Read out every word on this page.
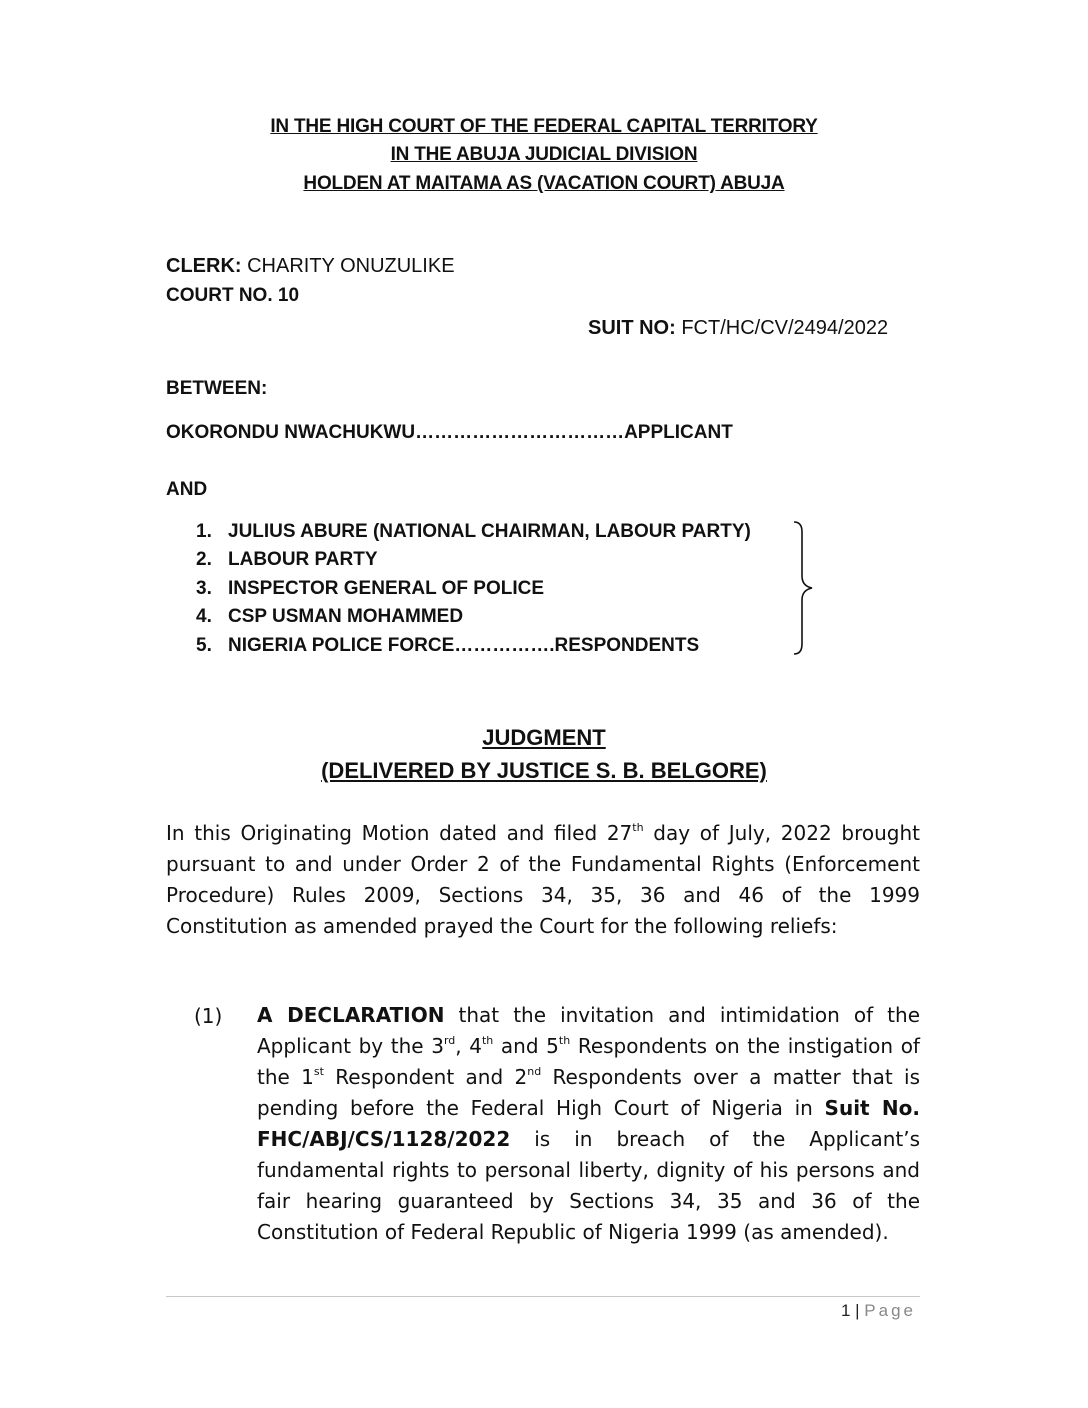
IN THE HIGH COURT OF THE FEDERAL CAPITAL TERRITORY
IN THE ABUJA JUDICIAL DIVISION
HOLDEN AT MAITAMA AS (VACATION COURT) ABUJA
CLERK: CHARITY ONUZULIKE
COURT NO. 10
SUIT NO: FCT/HC/CV/2494/2022
BETWEEN:
OKORONDU NWACHUKWU……………………………APPLICANT
AND
1. JULIUS ABURE (NATIONAL CHAIRMAN, LABOUR PARTY)
2. LABOUR PARTY
3. INSPECTOR GENERAL OF POLICE
4. CSP USMAN MOHAMMED
5. NIGERIA POLICE FORCE…………….RESPONDENTS
JUDGMENT
(DELIVERED BY JUSTICE S. B. BELGORE)
In this Originating Motion dated and filed 27th day of July, 2022 brought pursuant to and under Order 2 of the Fundamental Rights (Enforcement Procedure) Rules 2009, Sections 34, 35, 36 and 46 of the 1999 Constitution as amended prayed the Court for the following reliefs:
(1) A DECLARATION that the invitation and intimidation of the Applicant by the 3rd, 4th and 5th Respondents on the instigation of the 1st Respondent and 2nd Respondents over a matter that is pending before the Federal High Court of Nigeria in Suit No. FHC/ABJ/CS/1128/2022 is in breach of the Applicant’s fundamental rights to personal liberty, dignity of his persons and fair hearing guaranteed by Sections 34, 35 and 36 of the Constitution of Federal Republic of Nigeria 1999 (as amended).
1 | Page
